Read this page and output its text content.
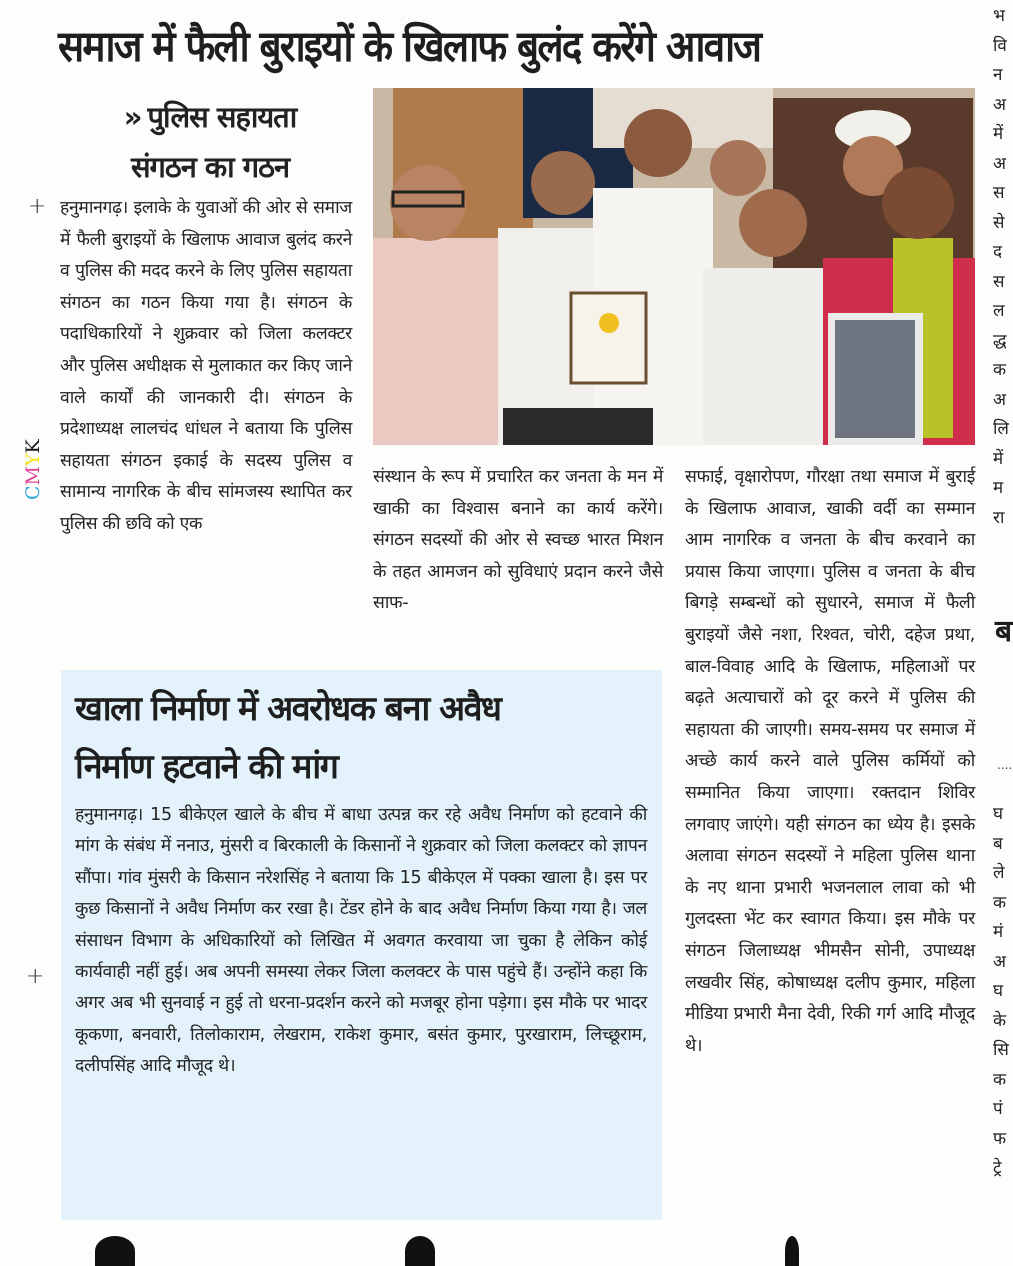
समाज में फैली बुराइयों के खिलाफ बुलंद करेंगे आवाज
» पुलिस सहायता
संगठन का गठन
+
+
CMYK
हनुमानगढ़। इलाके के युवाओं की ओर से समाज में फैली बुराइयों के खिलाफ आवाज बुलंद करने व पुलिस की मदद करने के लिए पुलिस सहायता संगठन का गठन किया गया है। संगठन के पदाधिकारियों ने शुक्रवार को जिला कलक्टर और पुलिस अधीक्षक से मुलाकात कर किए जाने वाले कार्यों की जानकारी दी। संगठन के प्रदेशाध्यक्ष लालचंद धांधल ने बताया कि पुलिस सहायता संगठन इकाई के सदस्य पुलिस व सामान्य नागरिक के बीच सांमजस्य स्थापित कर पुलिस की छवि को एक
संस्थान के रूप में प्रचारित कर जनता के मन में खाकी का विश्वास बनाने का कार्य करेंगे। संगठन सदस्यों की ओर से स्वच्छ भारत मिशन के तहत आमजन को सुविधाएं प्रदान करने जैसे साफ-
सफाई, वृक्षारोपण, गौरक्षा तथा समाज में बुराई के खिलाफ आवाज, खाकी वर्दी का सम्मान आम नागरिक व जनता के बीच करवाने का प्रयास किया जाएगा। पुलिस व जनता के बीच बिगड़े सम्बन्धों को सुधारने, समाज में फैली बुराइयों जैसे नशा, रिश्वत, चोरी, दहेज प्रथा, बाल-विवाह आदि के खिलाफ, महिलाओं पर बढ़ते अत्याचारों को दूर करने में पुलिस की सहायता की जाएगी। समय-समय पर समाज में अच्छे कार्य करने वाले पुलिस कर्मियों को सम्मानित किया जाएगा। रक्तदान शिविर लगवाए जाएंगे। यही संगठन का ध्येय है। इसके अलावा संगठन सदस्यों ने महिला पुलिस थाना के नए थाना प्रभारी भजनलाल लावा को भी गुलदस्ता भेंट कर स्वागत किया। इस मौके पर संगठन जिलाध्यक्ष भीमसैन सोनी, उपाध्यक्ष लखवीर सिंह, कोषाध्यक्ष दलीप कुमार, महिला मीडिया प्रभारी मैना देवी, रिकी गर्ग आदि मौजूद थे।
खाला निर्माण में अवरोधक बना अवैध
निर्माण हटवाने की मांग
हनुमानगढ़। 15 बीकेएल खाले के बीच में बाधा उत्पन्न कर रहे अवैध निर्माण को हटवाने की मांग के संबंध में ननाउ, मुंसरी व बिरकाली के किसानों ने शुक्रवार को जिला कलक्टर को ज्ञापन सौंपा। गांव मुंसरी के किसान नरेशसिंह ने बताया कि 15 बीकेएल में पक्का खाला है। इस पर कुछ किसानों ने अवैध निर्माण कर रखा है। टेंडर होने के बाद अवैध निर्माण किया गया है। जल संसाधन विभाग के अधिकारियों को लिखित में अवगत करवाया जा चुका है लेकिन कोई कार्यवाही नहीं हुई। अब अपनी समस्या लेकर जिला कलक्टर के पास पहुंचे हैं। उन्होंने कहा कि अगर अब भी सुनवाई न हुई तो धरना-प्रदर्शन करने को मजबूर होना पड़ेगा। इस मौके पर भादर कूकणा, बनवारी, तिलोकाराम, लेखराम, राकेश कुमार, बसंत कुमार, पुरखाराम, लिच्छूराम, दलीपसिंह आदि मौजूद थे।
भ
वि
न
अ
में
अ
स
से
द
स
ल
द्ध
क
अ
लि
में
म
रा
ब
....
घ
ब
ले
क
मं
अ
घ
के
सि
क
पं
फ
ट्रे
